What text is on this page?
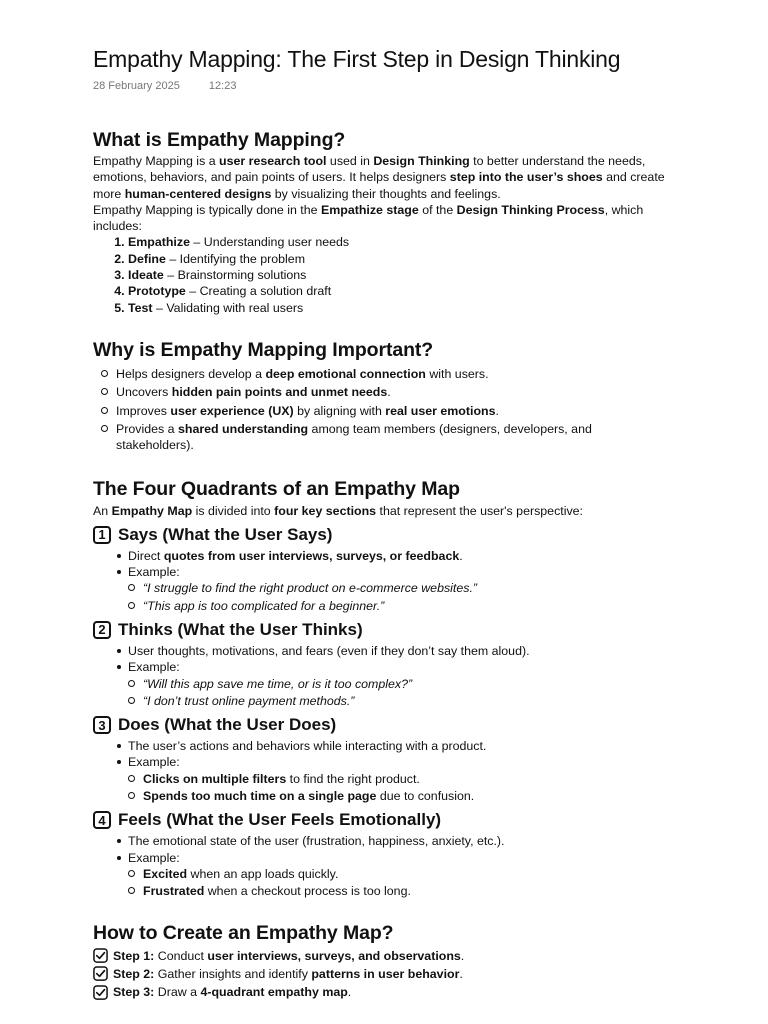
Empathy Mapping: The First Step in Design Thinking
28 February 2025	12:23
What is Empathy Mapping?

Empathy Mapping is a user research tool used in Design Thinking to better understand the needs, emotions, behaviors, and pain points of users. It helps designers step into the user’s shoes and create more human-centered designs by visualizing their thoughts and feelings.

Empathy Mapping is typically done in the Empathize stage of the Design Thinking Process, which includes:

1. Empathize – Understanding user needs
2. Define – Identifying the problem
3. Ideate – Brainstorming solutions
4. Prototype – Creating a solution draft
5. Test – Validating with real users
Why is Empathy Mapping Important?
Helps designers develop a deep emotional connection with users.
Uncovers hidden pain points and unmet needs.
Improves user experience (UX) by aligning with real user emotions.
Provides a shared understanding among team members (designers, developers, and stakeholders).
The Four Quadrants of an Empathy Map

An Empathy Map is divided into four key sections that represent the user's perspective:

1 Says (What the User Says)
Direct quotes from user interviews, surveys, or feedback.
Example:
“I struggle to find the right product on e-commerce websites.”
“This app is too complicated for a beginner.”
2 Thinks (What the User Thinks)
User thoughts, motivations, and fears (even if they don’t say them aloud).
Example:
“Will this app save me time, or is it too complex?”
“I don’t trust online payment methods.”
3 Does (What the User Does)
The user’s actions and behaviors while interacting with a product.
Example:
Clicks on multiple filters to find the right product.
Spends too much time on a single page due to confusion.
4 Feels (What the User Feels Emotionally)
The emotional state of the user (frustration, happiness, anxiety, etc.).
Example:
Excited when an app loads quickly.
Frustrated when a checkout process is too long.
How to Create an Empathy Map?
Step 1: Conduct user interviews, surveys, and observations.
Step 2: Gather insights and identify patterns in user behavior.
Step 3: Draw a 4-quadrant empathy map.
